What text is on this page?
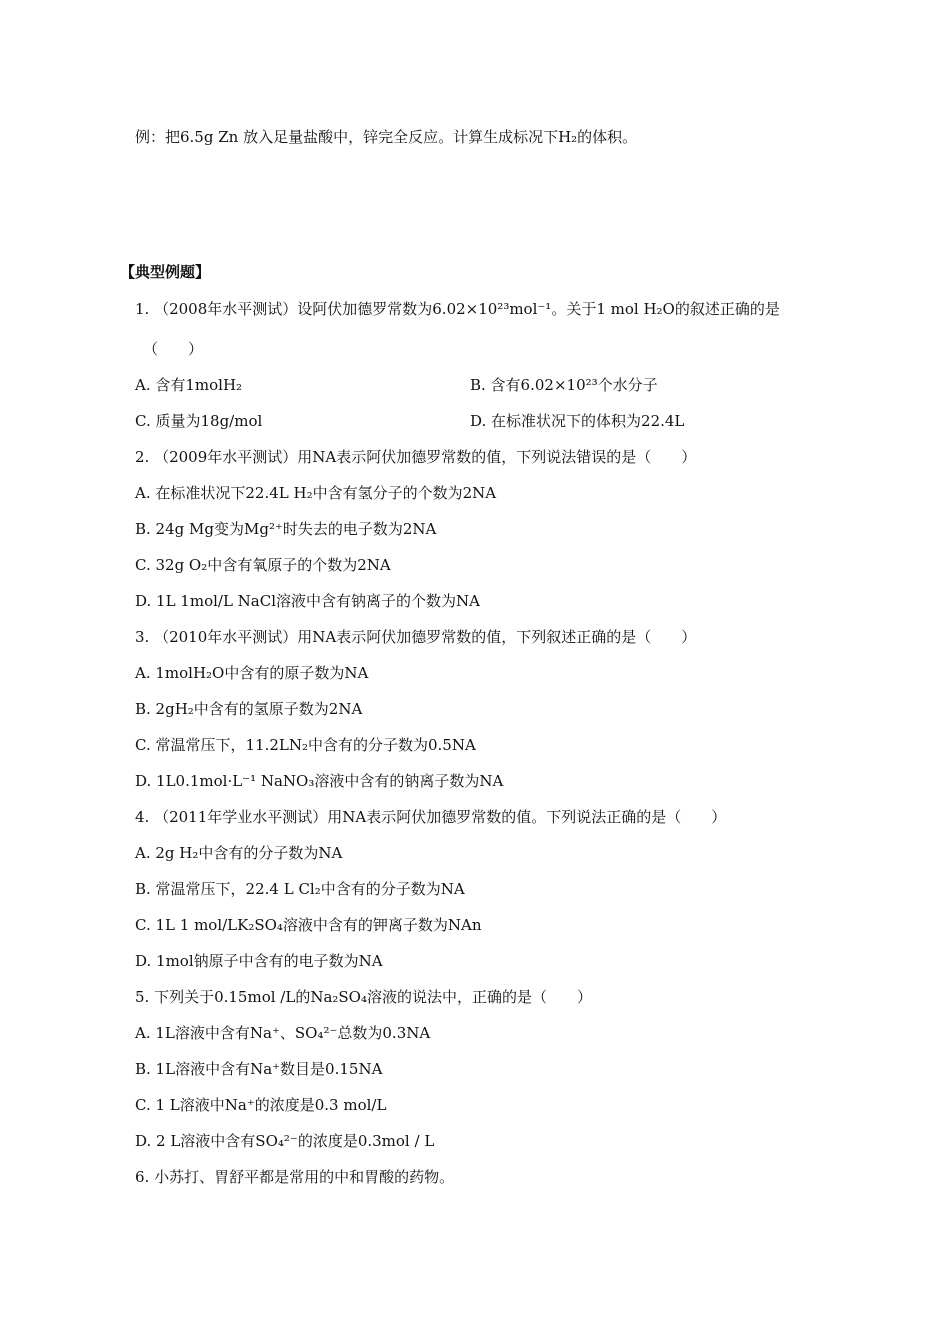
例：把6.5g Zn 放入足量盐酸中，锌完全反应。计算生成标况下H₂的体积。
【典型例题】
1. （2008年水平测试）设阿伏加德罗常数为6.02×10²³mol⁻¹。关于1 mol H₂O的叙述正确的是
（　　）
A. 含有1molH₂	B. 含有6.02×10²³个水分子
C. 质量为18g/mol	D. 在标准状况下的体积为22.4L
2. （2009年水平测试）用NA表示阿伏加德罗常数的值，下列说法错误的是（　　）
A. 在标准状况下22.4L H₂中含有氢分子的个数为2NA
B. 24g Mg变为Mg²⁺时失去的电子数为2NA
C. 32g O₂中含有氧原子的个数为2NA
D. 1L 1mol/L NaCl溶液中含有钠离子的个数为NA
3. （2010年水平测试）用NA表示阿伏加德罗常数的值，下列叙述正确的是（　　）
A. 1molH₂O中含有的原子数为NA
B. 2gH₂中含有的氢原子数为2NA
C. 常温常压下，11.2LN₂中含有的分子数为0.5NA
D. 1L0.1mol·L⁻¹ NaNO₃溶液中含有的钠离子数为NA
4. （2011年学业水平测试）用NA表示阿伏加德罗常数的值。下列说法正确的是（　　）
A. 2g H₂中含有的分子数为NA
B. 常温常压下，22.4 L Cl₂中含有的分子数为NA
C. 1L 1 mol/LK₂SO₄溶液中含有的钾离子数为NAn
D. 1mol钠原子中含有的电子数为NA
5. 下列关于0.15mol /L的Na₂SO₄溶液的说法中，正确的是（　　）
A. 1L溶液中含有Na⁺、SO₄²⁻总数为0.3NA
B. 1L溶液中含有Na⁺数目是0.15NA
C. 1 L溶液中Na⁺的浓度是0.3 mol/L
D. 2 L溶液中含有SO₄²⁻的浓度是0.3mol / L
6. 小苏打、胃舒平都是常用的中和胃酸的药物。
